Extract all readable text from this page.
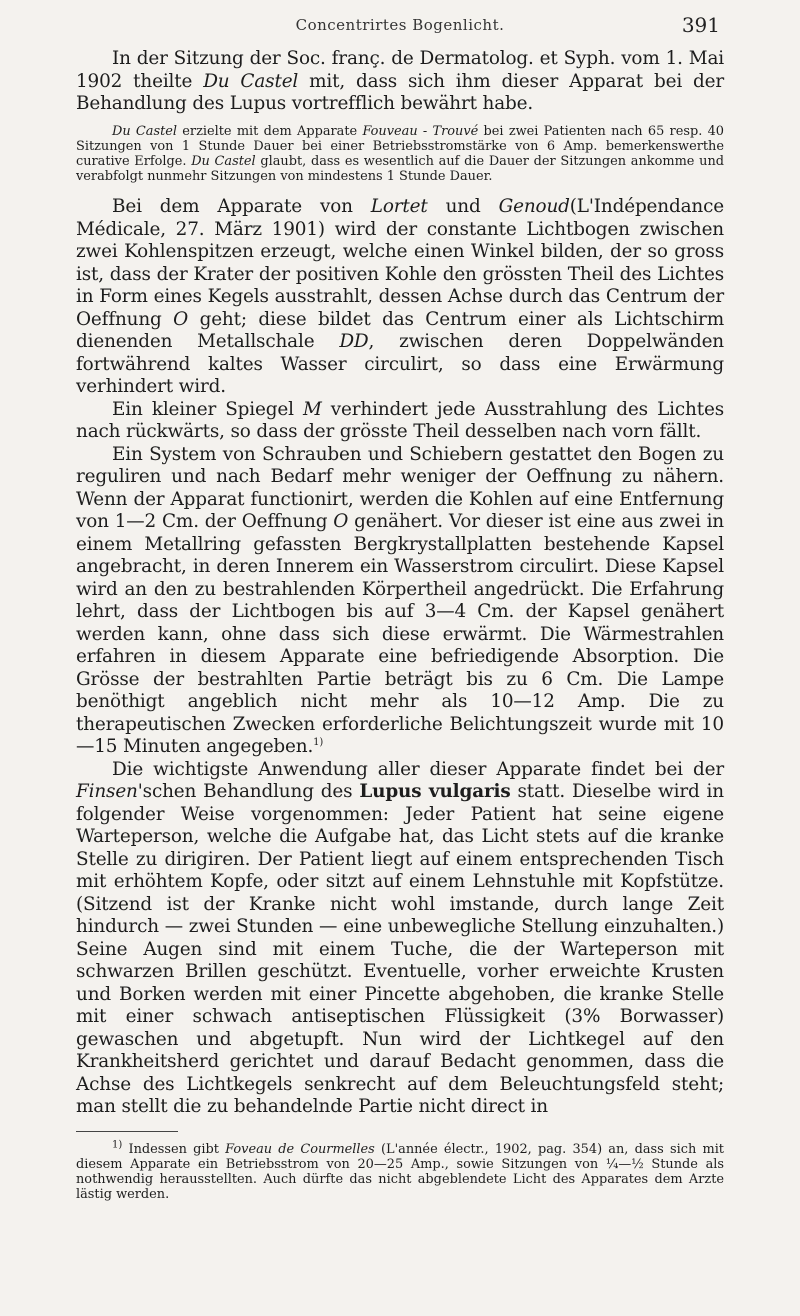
Concentrirtes Bogenlicht.	391

In der Sitzung der Soc. franç. de Dermatolog. et Syph. vom 1. Mai 1902 theilte Du Castel mit, dass sich ihm dieser Apparat bei der Behandlung des Lupus vortrefflich bewährt habe.

Du Castel erzielte mit dem Apparate Fouveau - Trouvé bei zwei Patienten nach 65 resp. 40 Sitzungen von 1 Stunde Dauer bei einer Betriebsstromstärke von 6 Amp. bemerkenswerthe curative Erfolge. Du Castel glaubt, dass es wesentlich auf die Dauer der Sitzungen ankomme und verabfolgt nunmehr Sitzungen von mindestens 1 Stunde Dauer.

Bei dem Apparate von Lortet und Genoud(L'Indépendance Médicale, 27. März 1901) wird der constante Lichtbogen zwischen zwei Kohlenspitzen erzeugt, welche einen Winkel bilden, der so gross ist, dass der Krater der positiven Kohle den grössten Theil des Lichtes in Form eines Kegels ausstrahlt, dessen Achse durch das Centrum der Oeffnung O geht; diese bildet das Centrum einer als Lichtschirm dienenden Metallschale DD, zwischen deren Doppelwänden fortwährend kaltes Wasser circulirt, so dass eine Erwärmung verhindert wird.

Ein kleiner Spiegel M verhindert jede Ausstrahlung des Lichtes nach rückwärts, so dass der grösste Theil desselben nach vorn fällt.

Ein System von Schrauben und Schiebern gestattet den Bogen zu reguliren und nach Bedarf mehr weniger der Oeffnung zu nähern. Wenn der Apparat functionirt, werden die Kohlen auf eine Entfernung von 1—2 Cm. der Oeffnung O genähert. Vor dieser ist eine aus zwei in einem Metallring gefassten Bergkrystallplatten bestehende Kapsel angebracht, in deren Innerem ein Wasserstrom circulirt. Diese Kapsel wird an den zu bestrahlenden Körpertheil angedrückt. Die Erfahrung lehrt, dass der Lichtbogen bis auf 3—4 Cm. der Kapsel genähert werden kann, ohne dass sich diese erwärmt. Die Wärmestrahlen erfahren in diesem Apparate eine befriedigende Absorption. Die Grösse der bestrahlten Partie beträgt bis zu 6 Cm. Die Lampe benöthigt angeblich nicht mehr als 10—12 Amp. Die zu therapeutischen Zwecken erforderliche Belichtungszeit wurde mit 10—15 Minuten angegeben.$^{1)}$

Die wichtigste Anwendung aller dieser Apparate findet bei der Finsen'schen Behandlung des Lupus vulgaris statt. Dieselbe wird in folgender Weise vorgenommen: Jeder Patient hat seine eigene Warteperson, welche die Aufgabe hat, das Licht stets auf die kranke Stelle zu dirigiren. Der Patient liegt auf einem entsprechenden Tisch mit erhöhtem Kopfe, oder sitzt auf einem Lehnstuhle mit Kopfstütze. (Sitzend ist der Kranke nicht wohl imstande, durch lange Zeit hindurch — zwei Stunden — eine unbewegliche Stellung einzuhalten.) Seine Augen sind mit einem Tuche, die der Warteperson mit schwarzen Brillen geschützt. Eventuelle, vorher erweichte Krusten und Borken werden mit einer Pincette abgehoben, die kranke Stelle mit einer schwach antiseptischen Flüssigkeit (3% Borwasser) gewaschen und abgetupft. Nun wird der Lichtkegel auf den Krankheitsherd gerichtet und darauf Bedacht genommen, dass die Achse des Lichtkegels senkrecht auf dem Beleuchtungsfeld steht; man stellt die zu behandelnde Partie nicht direct in

$^{1)}$ Indessen gibt Foveau de Courmelles (L'année électr., 1902, pag. 354) an, dass sich mit diesem Apparate ein Betriebsstrom von 20—25 Amp., sowie Sitzungen von ¼—½ Stunde als nothwendig herausstellten. Auch dürfte das nicht abgeblendete Licht des Apparates dem Arzte lästig werden.
